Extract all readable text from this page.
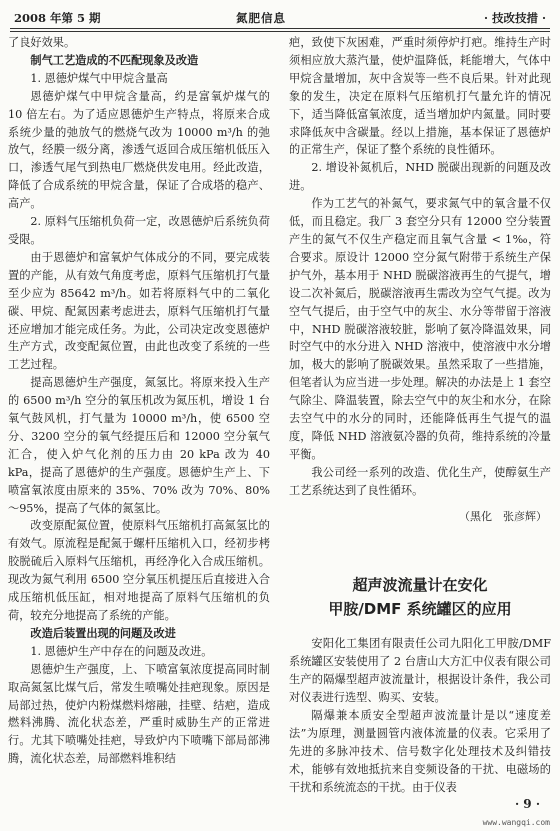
2008 年第 5 期	氮肥信息	· 技改技措 ·

了良好效果。

制气工艺造成的不匹配现象及改造

1. 恩德炉煤气中甲烷含量高

恩德炉煤气中甲烷含量高，约是富氧炉煤气的 10 倍左右。为了适应恩德炉生产特点，将原来合成系统少量的弛放气的燃烧气改为 10000 m³/h 的弛放气，经膜一级分离，渗透气返回合成压缩机低压入口，渗透气尾气到热电厂燃烧供发电用。经此改造，降低了合成系统的甲烷含量，保证了合成塔的稳产、高产。

2. 原料气压缩机负荷一定，改恩德炉后系统负荷受限。

由于恩德炉和富氧炉气体成分的不同，要完成装置的产能，从有效气角度考虑，原料气压缩机打气量至少应为 85642 m³/h。如若将原料气中的二氧化碳、甲烷、配氮因素考虑进去，原料气压缩机打气量还应增加才能完成任务。为此，公司决定改变恩德炉生产方式，改变配氮位置，由此也改变了系统的一些工艺过程。

提高恩德炉生产强度，氮氢比。将原来投入生产的 6500 m³/h 空分的氧压机改为氮压机，增设 1 台氧气鼓风机，打气量为 10000 m³/h，使 6500 空分、3200 空分的氧气经提压后和 12000 空分氧气汇合，使入炉气化剂的压力由 20 kPa 改为 40 kPa，提高了恩德炉的生产强度。恩德炉生产上、下喷富氧浓度由原来的 35%、70% 改为 70%、80%～95%，提高了气体的氮氢比。

改变原配氮位置，使原料气压缩机打高氮氢比的有效气。原流程是配氮于螺杆压缩机入口，经初步栲胶脱硫后入原料气压缩机，再经净化入合成压缩机。现改为氮气利用 6500 空分氧压机提压后直接进入合成压缩机低压缸，相对地提高了原料气压缩机的负荷，较充分地提高了系统的产能。

改造后装置出现的问题及改进

1. 恩德炉生产中存在的问题及改进。

恩德炉生产强度，上、下喷富氧浓度提高同时制取高氮氢比煤气后，常发生喷嘴处挂疤现象。原因是局部过热，使炉内粉煤燃料熔融，挂壁、结疤，造成燃料沸腾、流化状态差，严重时威胁生产的正常进行。尤其下喷嘴处挂疤，导致炉内下喷嘴下部局部沸腾，流化状态差，局部燃料堆积结

疤，致使下灰困难，严重时须停炉打疤。维持生产时须相应放大蒸汽量，使炉温降低，耗能增大，气体中甲烷含量增加，灰中含炭等一些不良后果。针对此现象的发生，决定在原料气压缩机打气量允许的情况下，适当降低富氧浓度，适当增加炉内氮量。同时要求降低灰中含碳量。经以上措施，基本保证了恩德炉的正常生产，保证了整个系统的良性循环。

2. 增设补氮机后，NHD 脱碳出现新的问题及改进。

作为工艺气的补氮气，要求氮气中的氧含量不仅低，而且稳定。我厂 3 套空分只有 12000 空分装置产生的氮气不仅生产稳定而且氧气含量 < 1‰，符合要求。原设计 12000 空分氮气附带于系统生产保护气外，基本用于 NHD 脱碳溶液再生的气提气，增设二次补氮后，脱碳溶液再生需改为空气气提。改为空气气提后，由于空气中的灰尘、水分等带留于溶液中，NHD 脱碳溶液较脏，影响了氨冷降温效果，同时空气中的水分进入 NHD 溶液中，使溶液中水分增加，极大的影响了脱碳效果。虽然采取了一些措施，但笔者认为应当进一步处理。解决的办法是上 1 套空气除尘、降温装置，除去空气中的灰尘和水分，在除去空气中的水分的同时，还能降低再生气提气的温度，降低 NHD 溶液氨冷器的负荷，维持系统的冷量平衡。

我公司经一系列的改造、优化生产，使醇氨生产工艺系统达到了良性循环。

（黑化　张彦辉）
超声波流量计在安化
甲胺/DMF 系统罐区的应用

安阳化工集团有限责任公司九阳化工甲胺/DMF 系统罐区安装使用了 2 台唐山大方汇中仪表有限公司生产的隔爆型超声波流量计，根据设计条件，我公司对仪表进行选型、购买、安装。

隔爆兼本质安全型超声波流量计是以“速度差法”为原理，测量圆管内液体流量的仪表。它采用了先进的多脉冲技术、信号数字化处理技术及纠错技术，能够有效地抵抗来自变频设备的干扰、电磁场的干扰和系统流态的干扰。由于仪表

· 9 ·
www.wangqi.com
